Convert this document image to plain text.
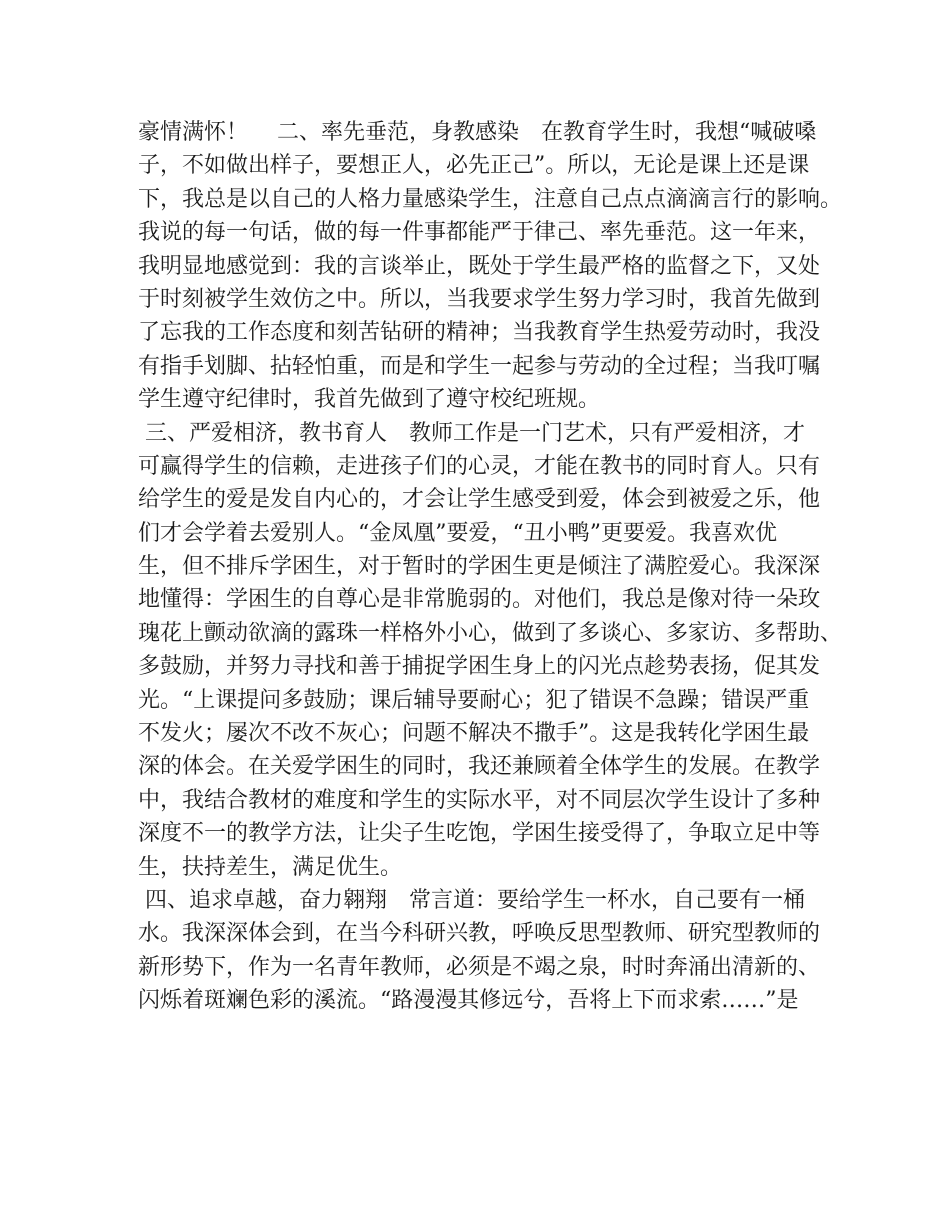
豪情满怀！　 二、率先垂范，身教感染　在教育学生时，我想“喊破嗓
子，不如做出样子，要想正人，必先正己”。所以，无论是课上还是课
下，我总是以自己的人格力量感染学生，注意自己点点滴滴言行的影响。
我说的每一句话，做的每一件事都能严于律己、率先垂范。这一年来，
我明显地感觉到：我的言谈举止，既处于学生最严格的监督之下，又处
于时刻被学生效仿之中。所以，当我要求学生努力学习时，我首先做到
了忘我的工作态度和刻苦钻研的精神；当我教育学生热爱劳动时，我没
有指手划脚、拈轻怕重，而是和学生一起参与劳动的全过程；当我叮嘱
学生遵守纪律时，我首先做到了遵守校纪班规。
三、严爱相济，教书育人　教师工作是一门艺术，只有严爱相济，才
可赢得学生的信赖，走进孩子们的心灵，才能在教书的同时育人。只有
给学生的爱是发自内心的，才会让学生感受到爱，体会到被爱之乐，他
们才会学着去爱别人。“金凤凰”要爱，“丑小鸭”更要爱。我喜欢优
生，但不排斥学困生，对于暂时的学困生更是倾注了满腔爱心。我深深
地懂得：学困生的自尊心是非常脆弱的。对他们，我总是像对待一朵玫
瑰花上颤动欲滴的露珠一样格外小心，做到了多谈心、多家访、多帮助、
多鼓励，并努力寻找和善于捕捉学困生身上的闪光点趁势表扬，促其发
光。“上课提问多鼓励；课后辅导要耐心；犯了错误不急躁；错误严重
不发火；屡次不改不灰心；问题不解决不撒手”。这是我转化学困生最
深的体会。在关爱学困生的同时，我还兼顾着全体学生的发展。在教学
中，我结合教材的难度和学生的实际水平，对不同层次学生设计了多种
深度不一的教学方法，让尖子生吃饱，学困生接受得了，争取立足中等
生，扶持差生，满足优生。
四、追求卓越，奋力翱翔　常言道：要给学生一杯水，自己要有一桶
水。我深深体会到，在当今科研兴教，呼唤反思型教师、研究型教师的
新形势下，作为一名青年教师，必须是不竭之泉，时时奔涌出清新的、
闪烁着斑斓色彩的溪流。“路漫漫其修远兮，吾将上下而求索……”是
